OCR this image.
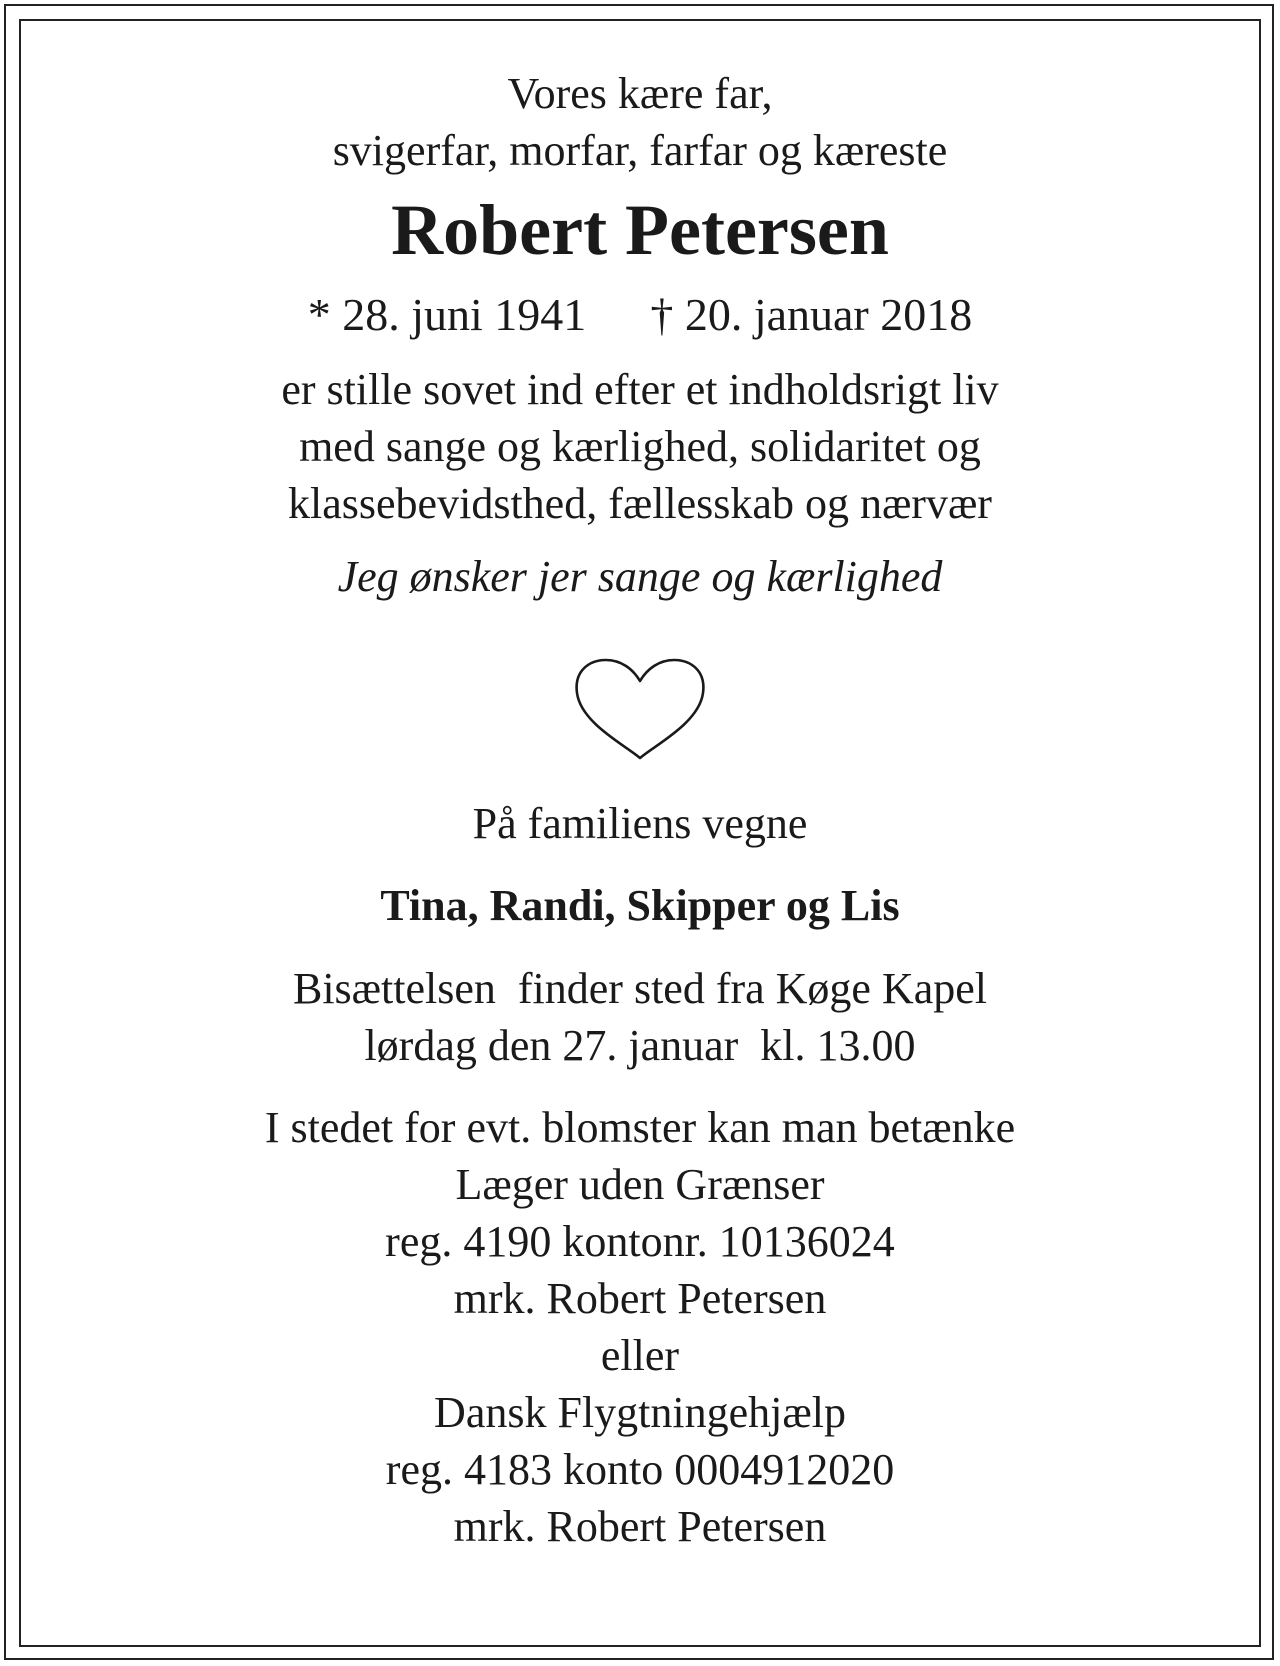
Vores kære far,
svigerfar, morfar, farfar og kæreste
Robert Petersen
* 28. juni 1941 † 20. januar 2018
er stille sovet ind efter et indholdsrigt liv
med sange og kærlighed, solidaritet og
klassebevidsthed, fællesskab og nærvær
Jeg ønsker jer sange og kærlighed
På familiens vegne
Tina, Randi, Skipper og Lis
Bisættelsen  finder sted fra Køge Kapel
lørdag den 27. januar  kl. 13.00
I stedet for evt. blomster kan man betænke
Læger uden Grænser
reg. 4190 kontonr. 10136024
mrk. Robert Petersen
eller
Dansk Flygtningehjælp
reg. 4183 konto 0004912020
mrk. Robert Petersen
